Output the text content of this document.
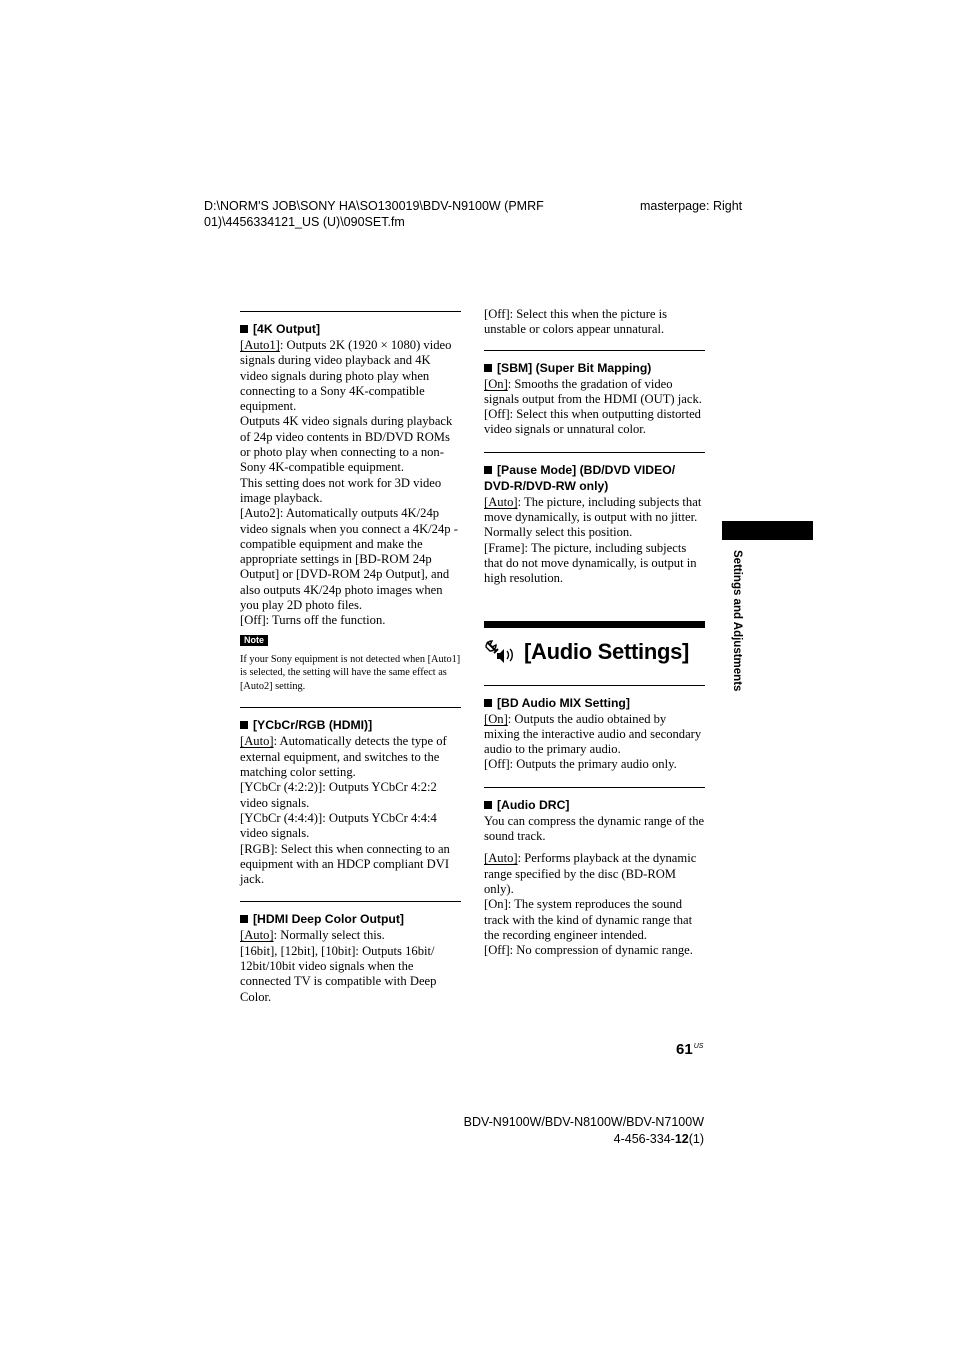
D:\NORM'S JOB\SONY HA\SO130019\BDV-N9100W (PMRF
01)\4456334121_US (U)\090SET.fm
masterpage: Right
[4K Output]
[Auto1]: Outputs 2K (1920 × 1080) video signals during video playback and 4K video signals during photo play when connecting to a Sony 4K-compatible equipment.
Outputs 4K video signals during playback of 24p video contents in BD/DVD ROMs or photo play when connecting to a non-Sony 4K-compatible equipment.
This setting does not work for 3D video image playback.
[Auto2]: Automatically outputs 4K/24p video signals when you connect a 4K/24p -compatible equipment and make the appropriate settings in [BD-ROM 24p Output] or [DVD-ROM 24p Output], and also outputs 4K/24p photo images when you play 2D photo files.
[Off]: Turns off the function.
Note
If your Sony equipment is not detected when [Auto1] is selected, the setting will have the same effect as [Auto2] setting.
[YCbCr/RGB (HDMI)]
[Auto]: Automatically detects the type of external equipment, and switches to the matching color setting.
[YCbCr (4:2:2)]: Outputs YCbCr 4:2:2 video signals.
[YCbCr (4:4:4)]: Outputs YCbCr 4:4:4 video signals.
[RGB]: Select this when connecting to an equipment with an HDCP compliant DVI jack.
[HDMI Deep Color Output]
[Auto]: Normally select this.
[16bit], [12bit], [10bit]: Outputs 16bit/ 12bit/10bit video signals when the connected TV is compatible with Deep Color.
[Off]: Select this when the picture is unstable or colors appear unnatural.
[SBM] (Super Bit Mapping)
[On]: Smooths the gradation of video signals output from the HDMI (OUT) jack.
[Off]: Select this when outputting distorted video signals or unnatural color.
[Pause Mode] (BD/DVD VIDEO/ DVD-R/DVD-RW only)
[Auto]: The picture, including subjects that move dynamically, is output with no jitter. Normally select this position.
[Frame]: The picture, including subjects that do not move dynamically, is output in high resolution.
[Audio Settings]
[BD Audio MIX Setting]
[On]: Outputs the audio obtained by mixing the interactive audio and secondary audio to the primary audio.
[Off]: Outputs the primary audio only.
[Audio DRC]
You can compress the dynamic range of the sound track.
[Auto]: Performs playback at the dynamic range specified by the disc (BD-ROM only).
[On]: The system reproduces the sound track with the kind of dynamic range that the recording engineer intended.
[Off]: No compression of dynamic range.
Settings and Adjustments
$61^{US}$
BDV-N9100W/BDV-N8100W/BDV-N7100W
4-456-334-12(1)
